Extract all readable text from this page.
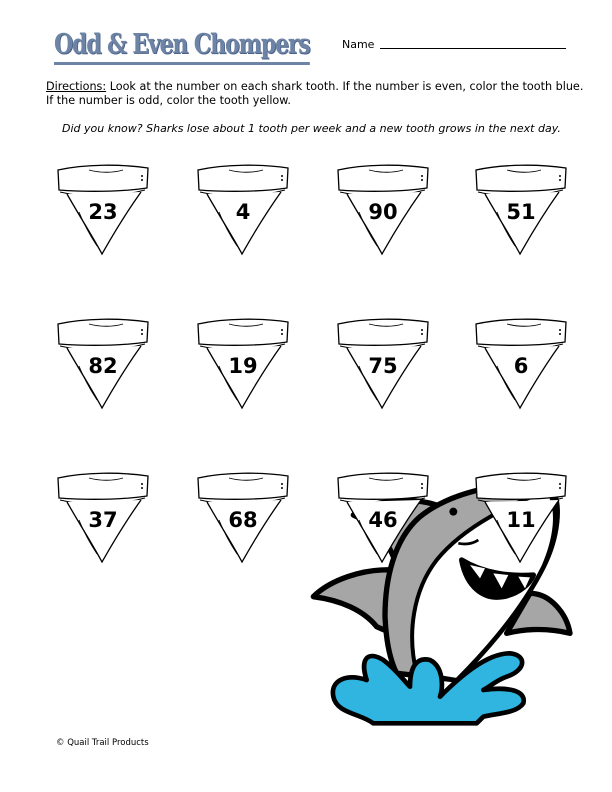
Odd & Even Chompers	Name
Directions: Look at the number on each shark tooth. If the number is even, color the tooth blue. If the number is odd, color the tooth yellow.
Did you know? Sharks lose about 1 tooth per week and a new tooth grows in the next day.
23	4	90	51
82	19	75	6
37	68	46	11
© Quail Trail Products
